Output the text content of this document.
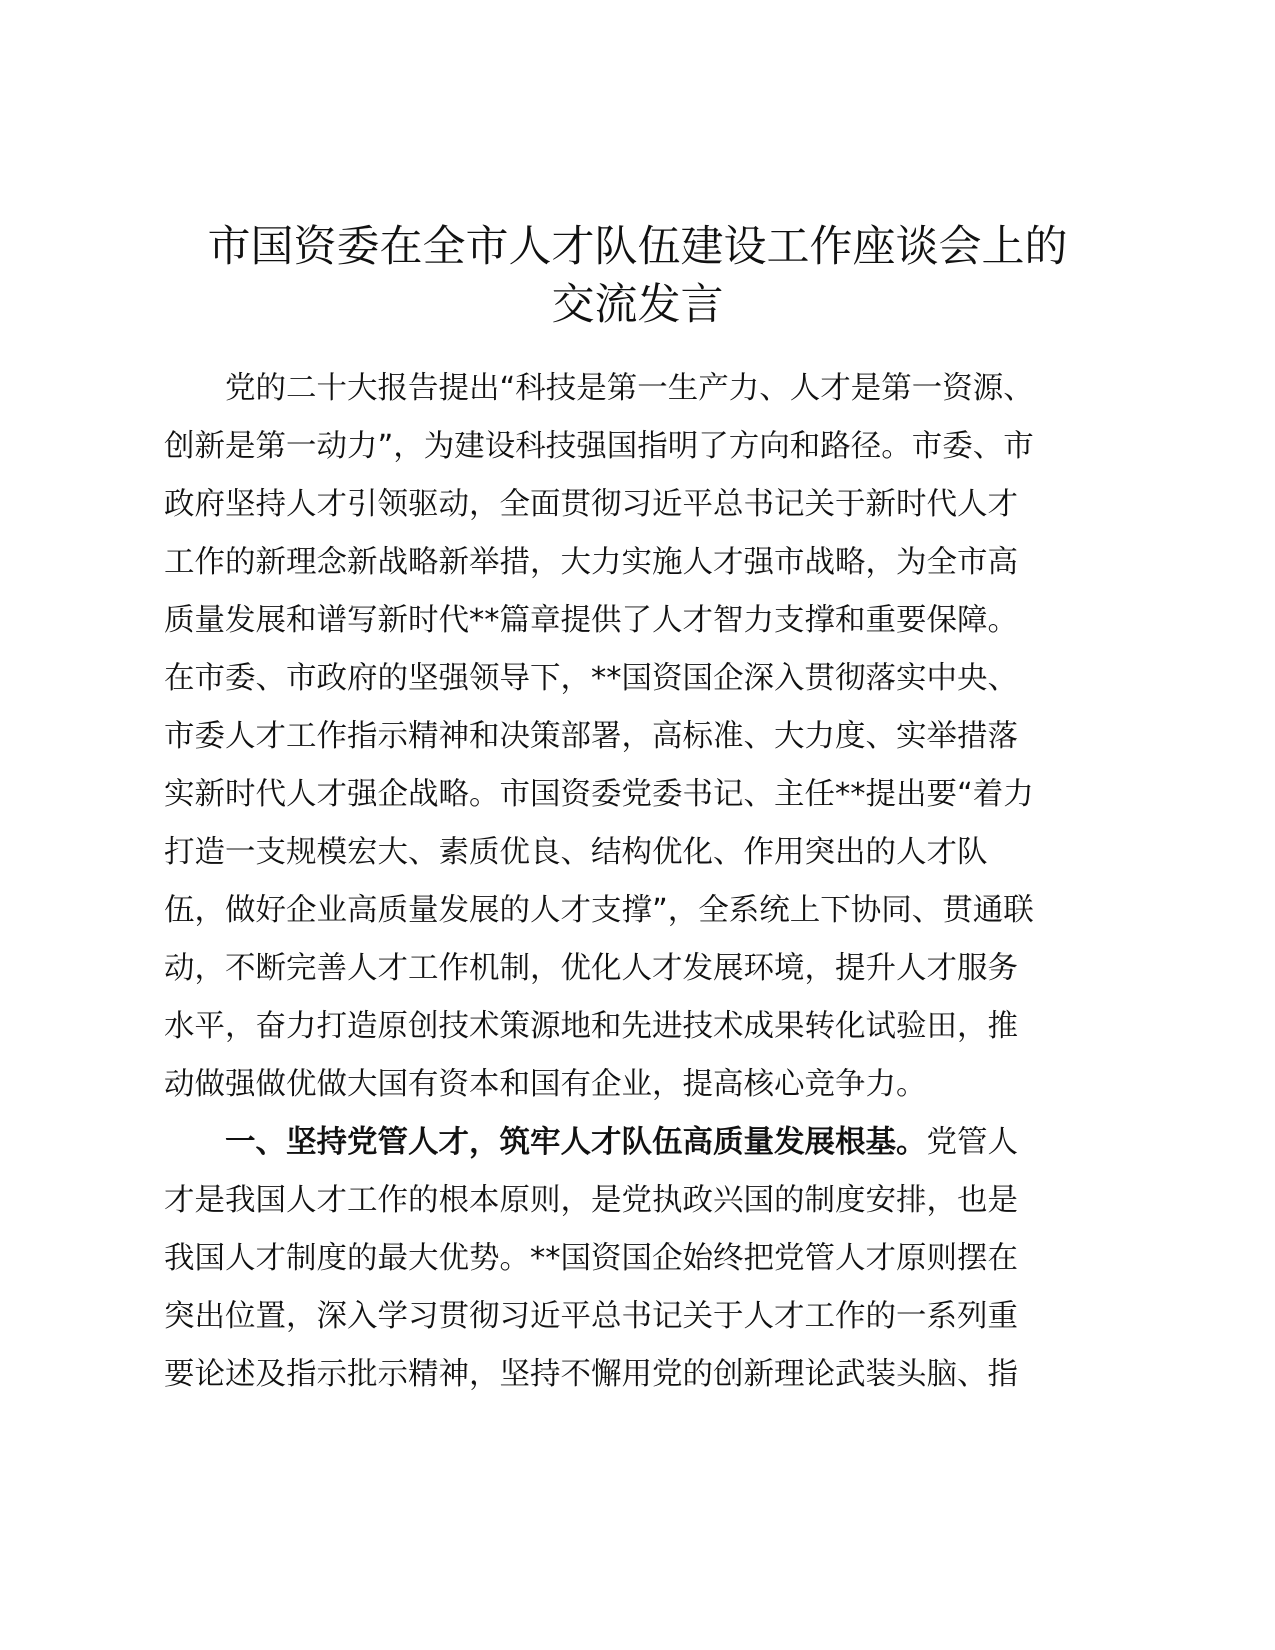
市国资委在全市人才队伍建设工作座谈会上的
交流发言
党的二十大报告提出“科技是第一生产力、人才是第一资源、
创新是第一动力”，为建设科技强国指明了方向和路径。市委、市
政府坚持人才引领驱动，全面贯彻习近平总书记关于新时代人才
工作的新理念新战略新举措，大力实施人才强市战略，为全市高
质量发展和谱写新时代**篇章提供了人才智力支撑和重要保障。
在市委、市政府的坚强领导下，**国资国企深入贯彻落实中央、
市委人才工作指示精神和决策部署，高标准、大力度、实举措落
实新时代人才强企战略。市国资委党委书记、主任**提出要“着力
打造一支规模宏大、素质优良、结构优化、作用突出的人才队
伍，做好企业高质量发展的人才支撑”，全系统上下协同、贯通联
动，不断完善人才工作机制，优化人才发展环境，提升人才服务
水平，奋力打造原创技术策源地和先进技术成果转化试验田，推
动做强做优做大国有资本和国有企业，提高核心竞争力。
一、坚持党管人才，筑牢人才队伍高质量发展根基。党管人
才是我国人才工作的根本原则，是党执政兴国的制度安排，也是
我国人才制度的最大优势。**国资国企始终把党管人才原则摆在
突出位置，深入学习贯彻习近平总书记关于人才工作的一系列重
要论述及指示批示精神，坚持不懈用党的创新理论武装头脑、指
